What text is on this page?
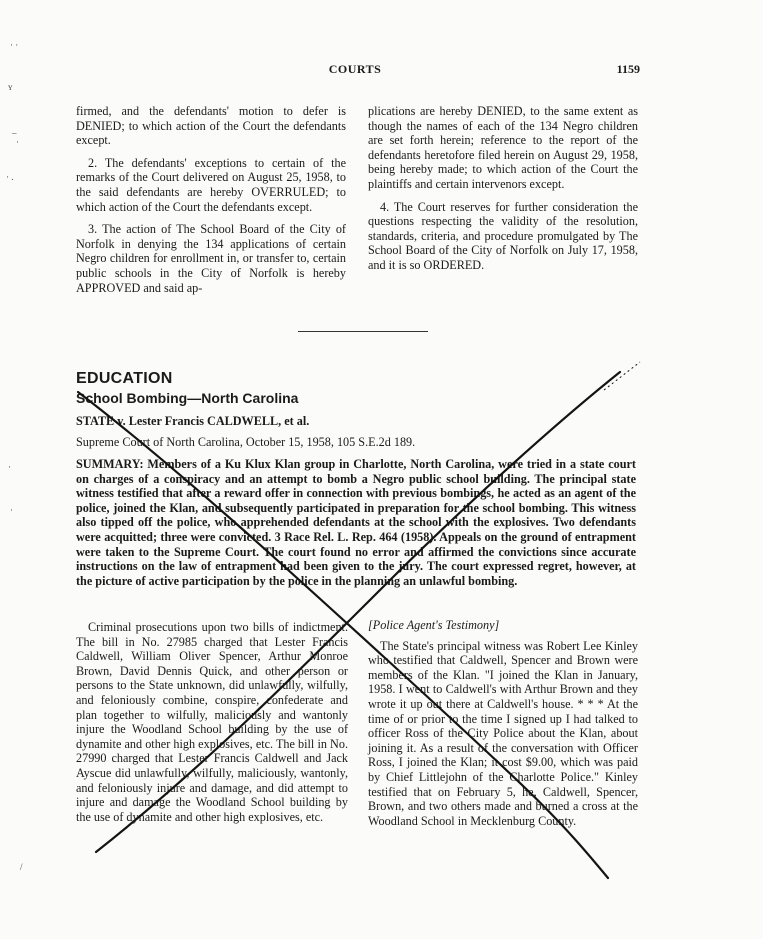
· ·
ʏ
–
·
· .
·
·
/
COURTS	1159

firmed, and the defendants' motion to defer is DENIED; to which action of the Court the defendants except.

2. The defendants' exceptions to certain of the remarks of the Court delivered on August 25, 1958, to the said defendants are hereby OVERRULED; to which action of the Court the defendants except.

3. The action of The School Board of the City of Norfolk in denying the 134 applications of certain Negro children for enrollment in, or transfer to, certain public schools in the City of Norfolk is hereby APPROVED and said ap-

plications are hereby DENIED, to the same extent as though the names of each of the 134 Negro children are set forth herein; reference to the report of the defendants heretofore filed herein on August 29, 1958, being hereby made; to which action of the Court the plaintiffs and certain intervenors except.

4. The Court reserves for further consideration the questions respecting the validity of the resolution, standards, criteria, and procedure promulgated by The School Board of the City of Norfolk on July 17, 1958, and it is so ORDERED.

EDUCATION
School Bombing—North Carolina
STATE v. Lester Francis CALDWELL, et al.
Supreme Court of North Carolina, October 15, 1958, 105 S.E.2d 189.
SUMMARY: Members of a Ku Klux Klan group in Charlotte, North Carolina, were tried in a state court on charges of a conspiracy and an attempt to bomb a Negro public school building. The principal state witness testified that after a reward offer in connection with previous bombings, he acted as an agent of the police, joined the Klan, and subsequently participated in preparation for the school bombing. This witness also tipped off the police, who apprehended defendants at the school with the explosives. Two defendants were acquitted; three were convicted. 3 Race Rel. L. Rep. 464 (1958). Appeals on the ground of entrapment were taken to the Supreme Court. The court found no error and affirmed the convictions since accurate instructions on the law of entrapment had been given to the jury. The court expressed regret, however, at the picture of active participation by the police in the planning an unlawful bombing.

Criminal prosecutions upon two bills of indictment. The bill in No. 27985 charged that Lester Francis Caldwell, William Oliver Spencer, Arthur Monroe Brown, David Dennis Quick, and other person or persons to the State unknown, did unlawfully, wilfully, and feloniously combine, conspire, confederate and plan together to wilfully, maliciously and wantonly injure the Woodland School building by the use of dynamite and other high explosives, etc. The bill in No. 27990 charged that Lester Francis Caldwell and Jack Ayscue did unlawfully, wilfully, maliciously, wantonly, and feloniously injure and damage, and did attempt to injure and damage the Woodland School building by the use of dynamite and other high explosives, etc.

[Police Agent's Testimony]

The State's principal witness was Robert Lee Kinley who testified that Caldwell, Spencer and Brown were members of the Klan. "I joined the Klan in January, 1958. I went to Caldwell's with Arthur Brown and they wrote it up out there at Caldwell's house. * * * At the time of or prior to the time I signed up I had talked to officer Ross of the City Police about the Klan, about joining it. As a result of the conversation with Officer Ross, I joined the Klan; it cost $9.00, which was paid by Chief Littlejohn of the Charlotte Police." Kinley testified that on February 5, he, Caldwell, Spencer, Brown, and two others made and burned a cross at the Woodland School in Mecklenburg County.
